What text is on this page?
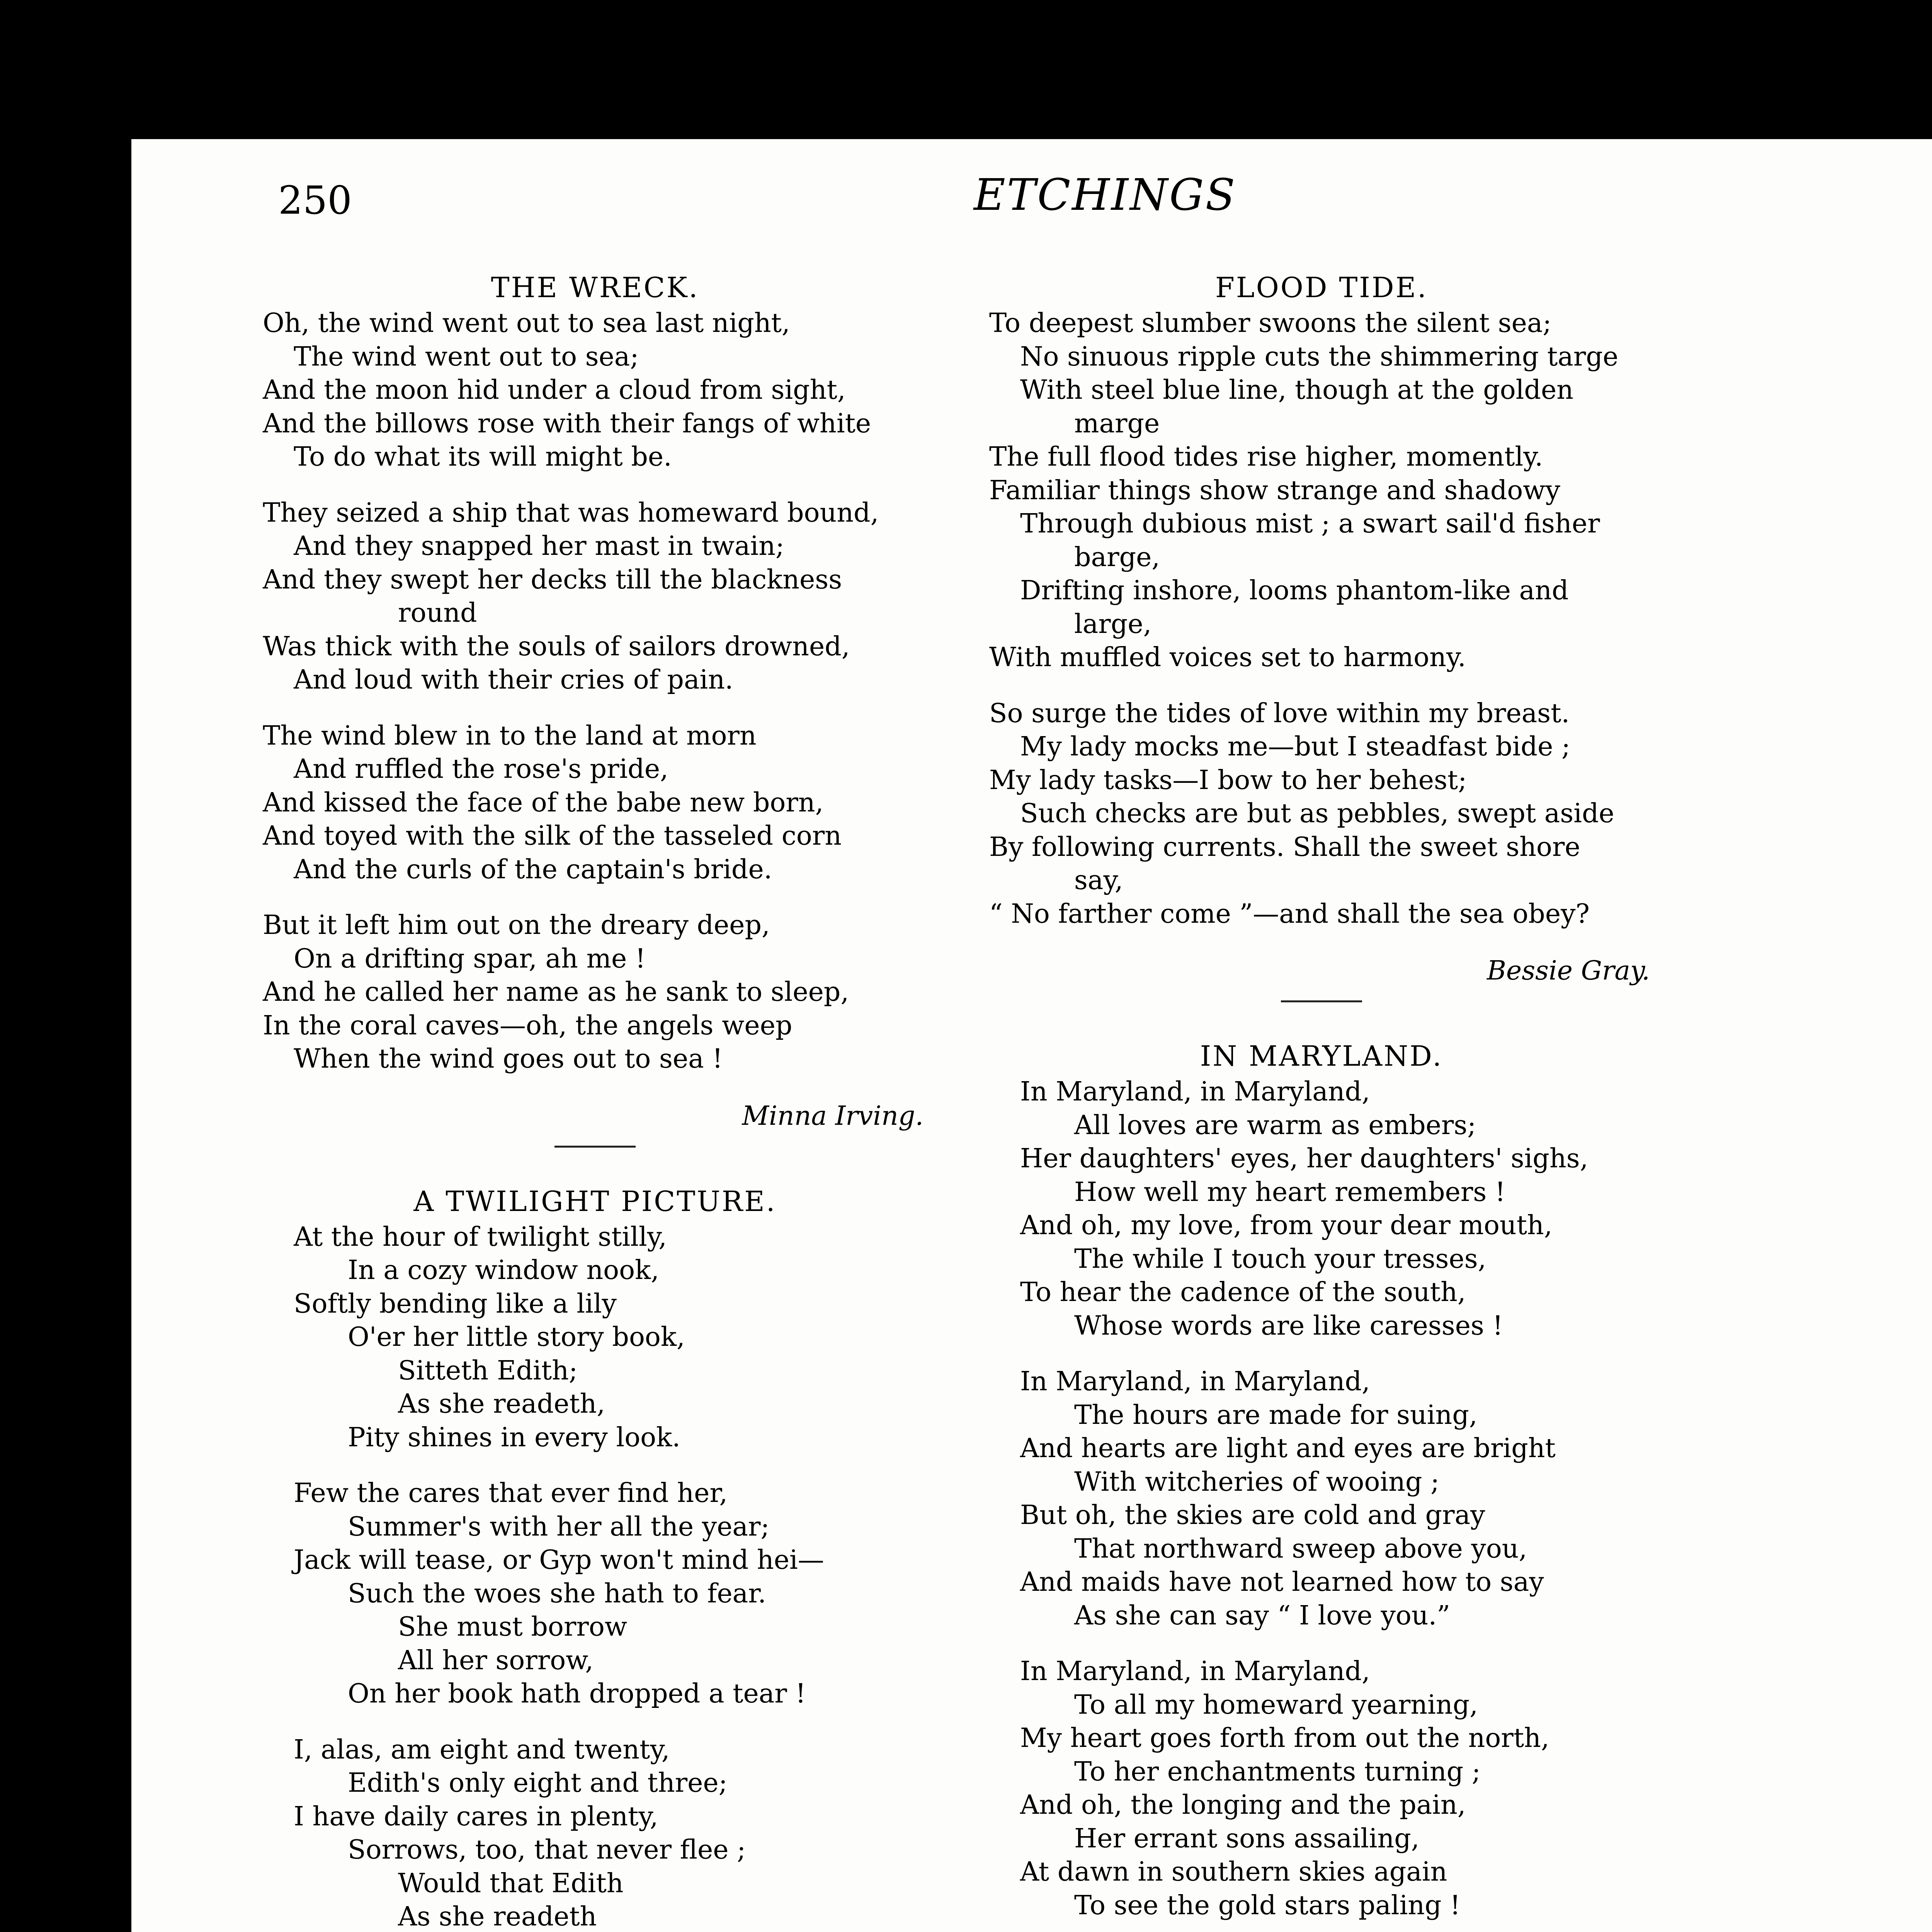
250	ETCHINGS
THE WRECK.
Oh, the wind went out to sea last night,
The wind went out to sea;
And the moon hid under a cloud from sight,
And the billows rose with their fangs of white
To do what its will might be.
They seized a ship that was homeward bound,
And they snapped her mast in twain;
And they swept her decks till the blackness
round
Was thick with the souls of sailors drowned,
And loud with their cries of pain.
The wind blew in to the land at morn
And ruffled the rose's pride,
And kissed the face of the babe new born,
And toyed with the silk of the tasseled corn
And the curls of the captain's bride.
But it left him out on the dreary deep,
On a drifting spar, ah me !
And he called her name as he sank to sleep,
In the coral caves—oh, the angels weep
When the wind goes out to sea !
Minna Irving.
A TWILIGHT PICTURE.
At the hour of twilight stilly,
In a cozy window nook,
Softly bending like a lily
O'er her little story book,
Sitteth Edith;
As she readeth,
Pity shines in every look.
Few the cares that ever find her,
Summer's with her all the year;
Jack will tease, or Gyp won't mind hei—
Such the woes she hath to fear.
She must borrow
All her sorrow,
On her book hath dropped a tear !
I, alas, am eight and twenty,
Edith's only eight and three;
I have daily cares in plenty,
Sorrows, too, that never flee ;
Would that Edith
As she readeth
FLOOD TIDE.
To deepest slumber swoons the silent sea;
No sinuous ripple cuts the shimmering targe
With steel blue line, though at the golden
marge
The full flood tides rise higher, momently.
Familiar things show strange and shadowy
Through dubious mist ; a swart sail'd fisher
barge,
Drifting inshore, looms phantom-like and
large,
With muffled voices set to harmony.
So surge the tides of love within my breast.
My lady mocks me—but I steadfast bide ;
My lady tasks—I bow to her behest;
Such checks are but as pebbles, swept aside
By following currents. Shall the sweet shore
say,
“ No farther come ”—and shall the sea obey?
Bessie Gray.
IN MARYLAND.
In Maryland, in Maryland,
All loves are warm as embers;
Her daughters' eyes, her daughters' sighs,
How well my heart remembers !
And oh, my love, from your dear mouth,
The while I touch your tresses,
To hear the cadence of the south,
Whose words are like caresses !
In Maryland, in Maryland,
The hours are made for suing,
And hearts are light and eyes are bright
With witcheries of wooing ;
But oh, the skies are cold and gray
That northward sweep above you,
And maids have not learned how to say
As she can say “ I love you.”
In Maryland, in Maryland,
To all my homeward yearning,
My heart goes forth from out the north,
To her enchantments turning ;
And oh, the longing and the pain,
Her errant sons assailing,
At dawn in southern skies again
To see the gold stars paling !
